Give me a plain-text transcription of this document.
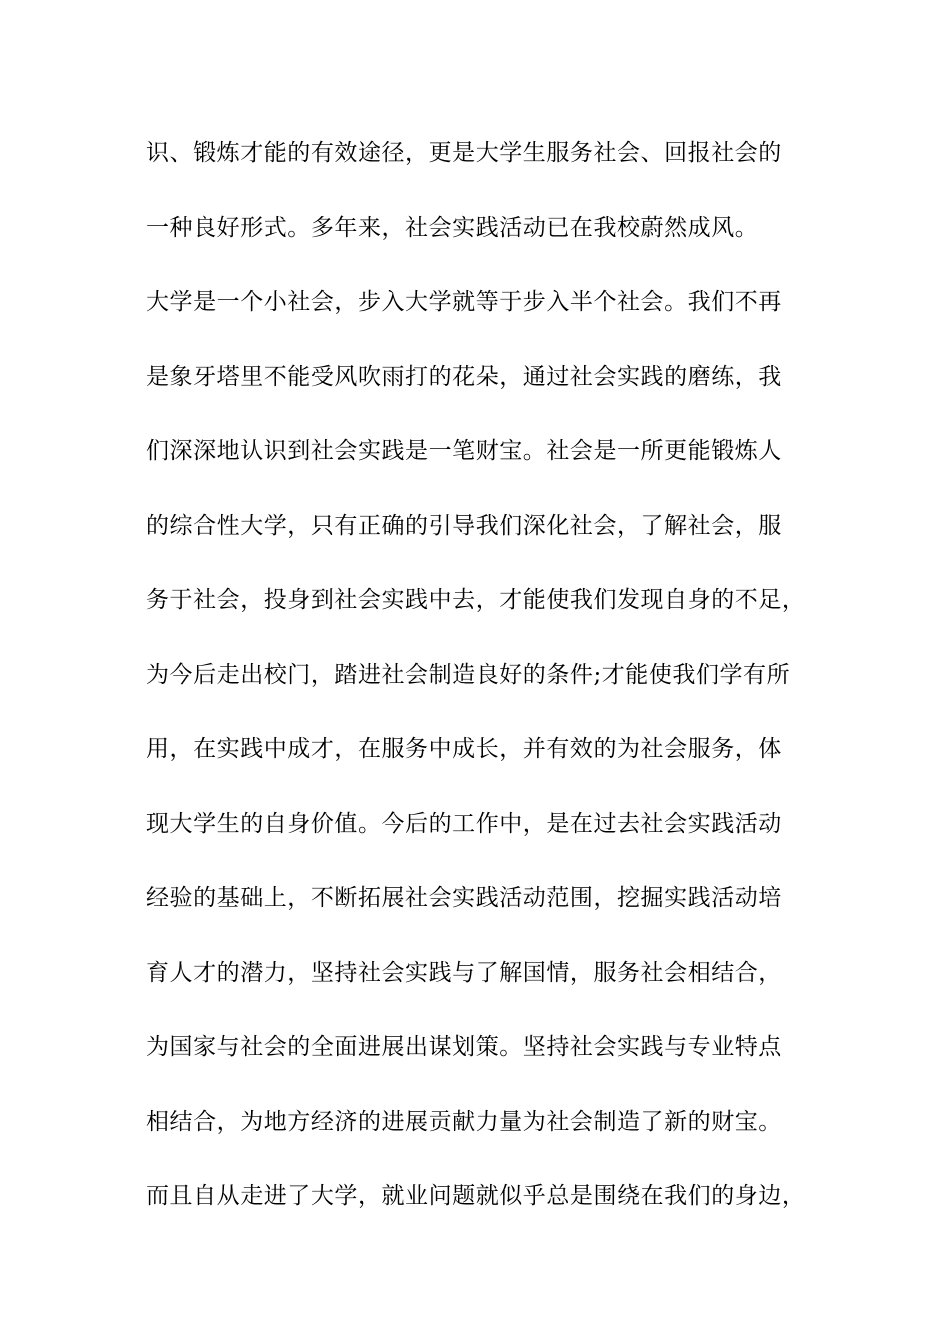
识、锻炼才能的有效途径，更是大学生服务社会、回报社会的
一种良好形式。多年来，社会实践活动已在我校蔚然成风。
大学是一个小社会，步入大学就等于步入半个社会。我们不再
是象牙塔里不能受风吹雨打的花朵，通过社会实践的磨练，我
们深深地认识到社会实践是一笔财宝。社会是一所更能锻炼人
的综合性大学，只有正确的引导我们深化社会，了解社会，服
务于社会，投身到社会实践中去，才能使我们发现自身的不足，
为今后走出校门，踏进社会制造良好的条件;才能使我们学有所
用，在实践中成才，在服务中成长，并有效的为社会服务，体
现大学生的自身价值。今后的工作中，是在过去社会实践活动
经验的基础上，不断拓展社会实践活动范围，挖掘实践活动培
育人才的潜力，坚持社会实践与了解国情，服务社会相结合，
为国家与社会的全面进展出谋划策。坚持社会实践与专业特点
相结合，为地方经济的进展贡献力量为社会制造了新的财宝。
而且自从走进了大学，就业问题就似乎总是围绕在我们的身边，
